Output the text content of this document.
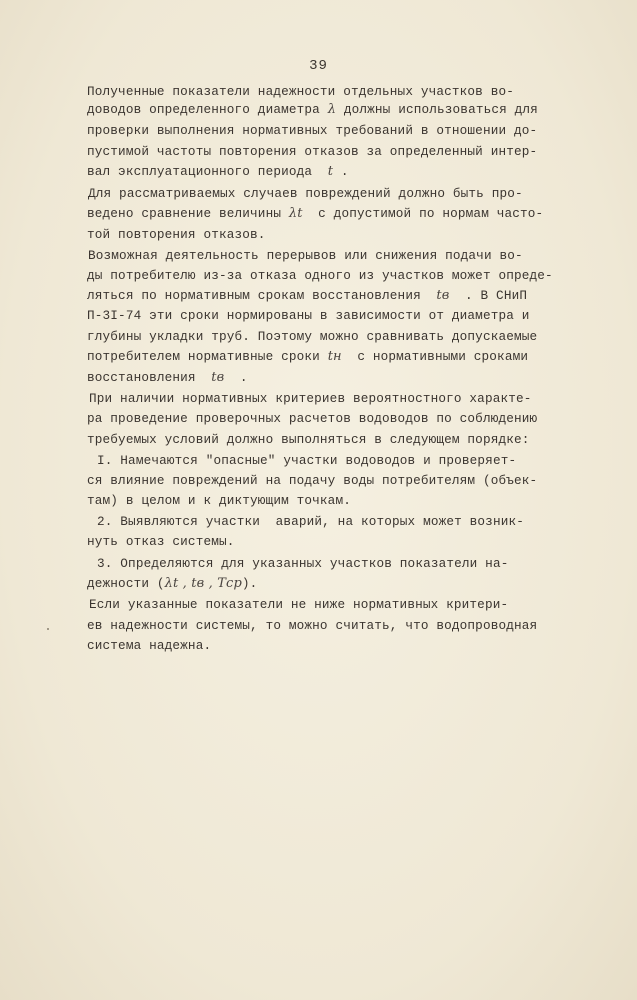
39
Полученные показатели надежности отдельных участков во-
доводов определенного диаметра λ должны использоваться для
проверки выполнения нормативных требований в отношении до-
пустимой частоты повторения отказов за определенный интер-
вал эксплуатационного периода t .
Для рассматриваемых случаев повреждений должно быть про-
ведено сравнение величины λt с допустимой по нормам часто-
той повторения отказов.
Возможная деятельность перерывов или снижения подачи во-
ды потребителю из-за отказа одного из участков может опреде-
ляться по нормативным срокам восстановления tв . В СНиП
П-3I-74 эти сроки нормированы в зависимости от диаметра и
глубины укладки труб. Поэтому можно сравнивать допускаемые
потребителем нормативные сроки tн с нормативными сроками
восстановления tв  .
При наличии нормативных критериев вероятностного характе-
ра проведение проверочных расчетов водоводов по соблюдению
требуемых условий должно выполняться в следующем порядке:
I. Намечаются "опасные" участки водоводов и проверяет-
ся влияние повреждений на подачу воды потребителям (объек-
там) в целом и к диктующим точкам.
2. Выявляются участки  аварий, на которых может возник-
нуть отказ системы.
3. Определяются для указанных участков показатели на-
дежности (λt , tв , Tср).
Если указанные показатели не ниже нормативных критери-
ев надежности системы, то можно считать, что водопроводная
система надежна.
